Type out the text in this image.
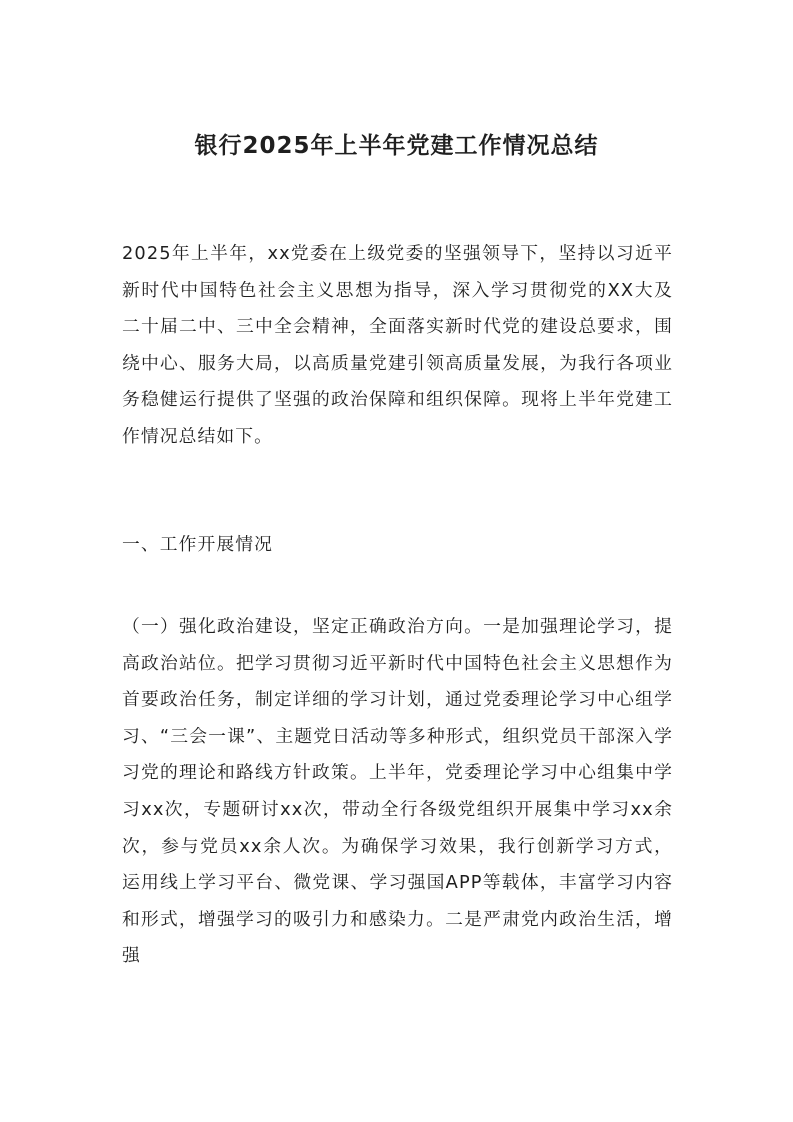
银行2025年上半年党建工作情况总结

2025年上半年，xx党委在上级党委的坚强领导下，坚持以习近平新时代中国特色社会主义思想为指导，深入学习贯彻党的XX大及二十届二中、三中全会精神，全面落实新时代党的建设总要求，围绕中心、服务大局，以高质量党建引领高质量发展，为我行各项业务稳健运行提供了坚强的政治保障和组织保障。现将上半年党建工作情况总结如下。

一、工作开展情况

（一）强化政治建设，坚定正确政治方向。一是加强理论学习，提高政治站位。把学习贯彻习近平新时代中国特色社会主义思想作为首要政治任务，制定详细的学习计划，通过党委理论学习中心组学习、“三会一课”、主题党日活动等多种形式，组织党员干部深入学习党的理论和路线方针政策。上半年，党委理论学习中心组集中学习xx次，专题研讨xx次，带动全行各级党组织开展集中学习xx余次，参与党员xx余人次。为确保学习效果，我行创新学习方式，运用线上学习平台、微党课、学习强国APP等载体，丰富学习内容和形式，增强学习的吸引力和感染力。二是严肃党内政治生活，增强
